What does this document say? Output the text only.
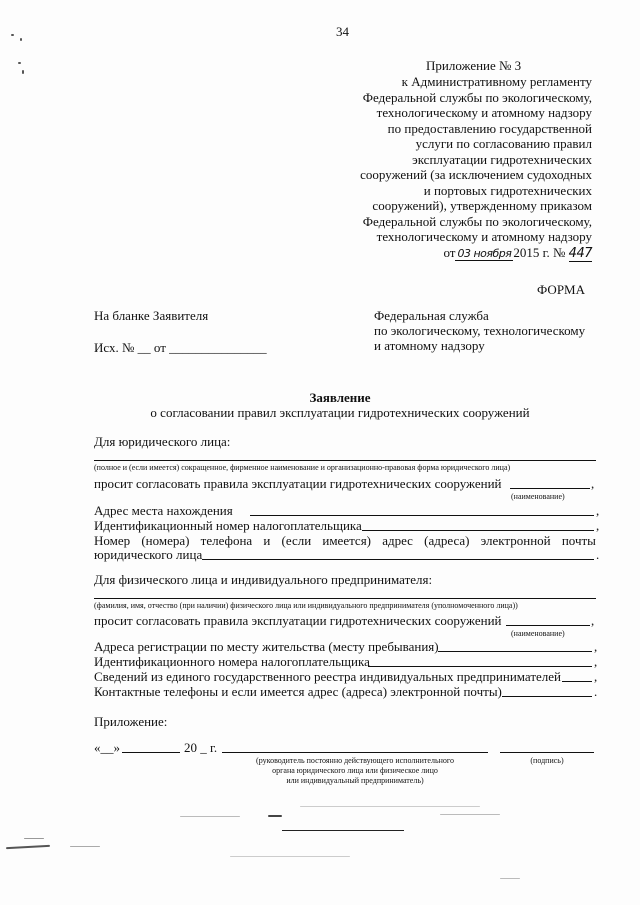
34
Приложение № 3
к Административному регламенту
Федеральной службы по экологическому,
технологическому и атомному надзору
по предоставлению государственной
услуги по согласованию правил
эксплуатации гидротехнических
сооружений (за исключением судоходных
и портовых гидротехнических
сооружений), утвержденному приказом
Федеральной службы по экологическому,
технологическому и атомному надзору
от 03 ноября 2015 г. № 447
ФОРМА
На бланке Заявителя
Исх. № __ от _______________
Федеральная служба
по экологическому, технологическому
и атомному надзору
Заявление
о согласовании правил эксплуатации гидротехнических сооружений
Для юридического лица:
(полное и (если имеется) сокращенное, фирменное наименование и организационно-правовая форма юридического лица)
просит согласовать правила эксплуатации гидротехнических сооружений	,
(наименование)
Адрес места нахождения	,
Идентификационный номер налогоплательщика	,
Номер (номера) телефона и (если имеется) адрес (адреса) электронной почты
юридического лица	.
Для физического лица и индивидуального предпринимателя:
(фамилия, имя, отчество (при наличии) физического лица или индивидуального предпринимателя (уполномоченного лица))
просит согласовать правила эксплуатации гидротехнических сооружений	,
(наименование)
Адреса регистрации по месту жительства (месту пребывания)	,
Идентификационного номера налогоплательщика	,
Сведений из единого государственного реестра индивидуальных предпринимателей	,
Контактные телефоны и если имеется адрес (адреса) электронной почты)	.
Приложение:
«__»	20 _ г.
(руководитель постоянно действующего исполнительного
органа юридического лица или физическое лицо
или индивидуальный предприниматель)
(подпись)
